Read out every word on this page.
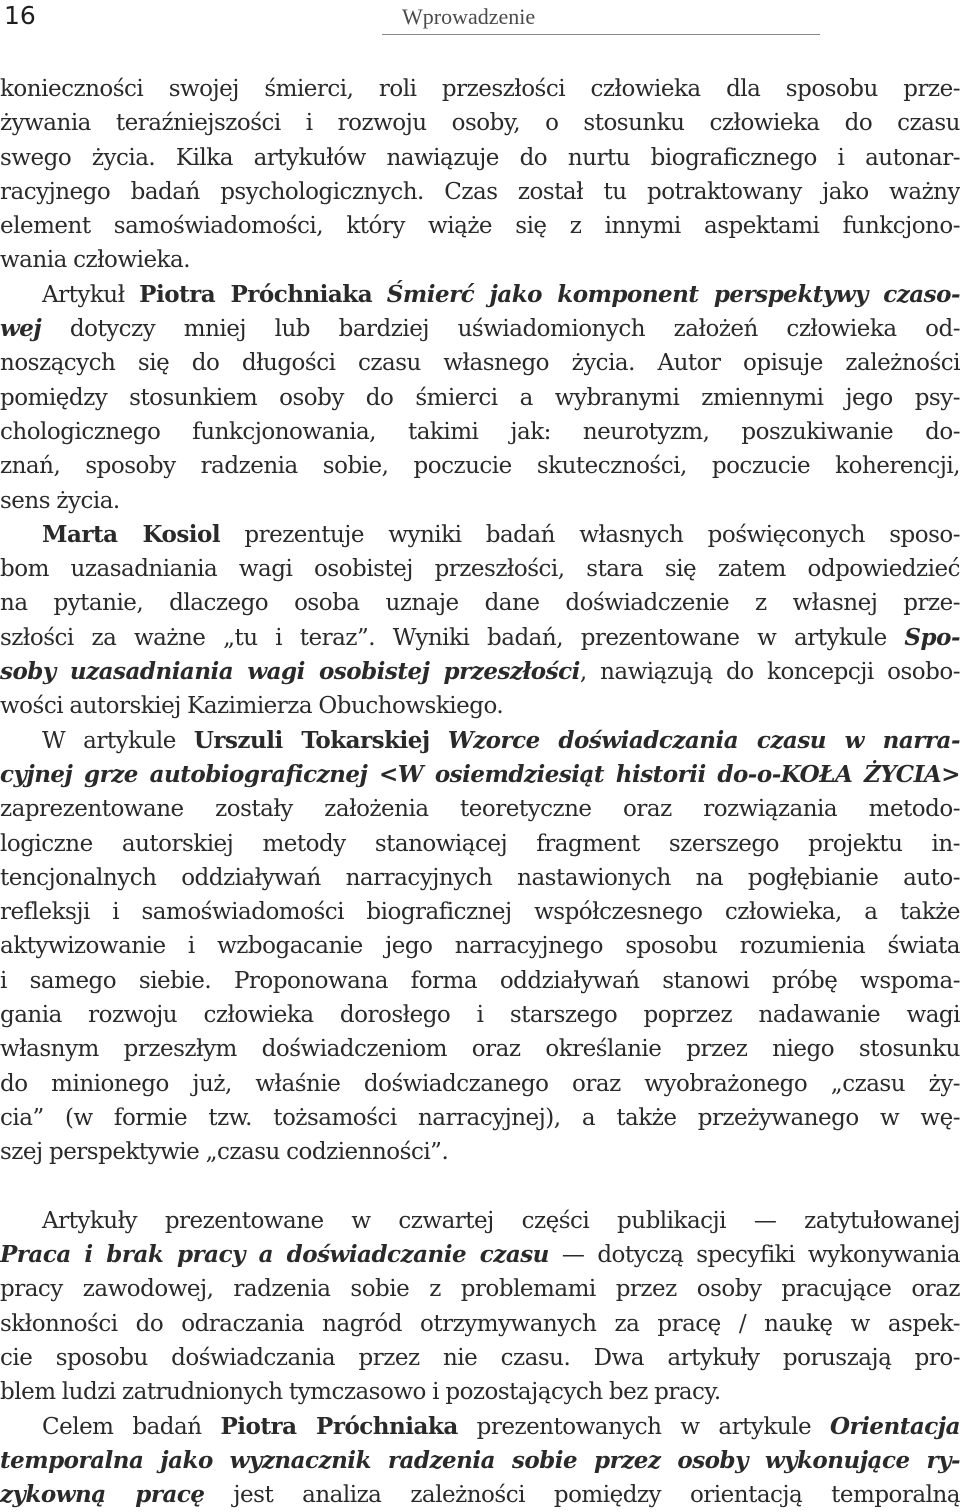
16	Wprowadzenie
konieczności swojej śmierci, roli przeszłości człowieka dla sposobu prze-
żywania teraźniejszości i rozwoju osoby, o stosunku człowieka do czasu
swego życia. Kilka artykułów nawiązuje do nurtu biograficznego i autonar-
racyjnego badań psychologicznych. Czas został tu potraktowany jako ważny
element samoświadomości, który wiąże się z innymi aspektami funkcjono-
wania człowieka.
Artykuł Piotra Próchniaka Śmierć jako komponent perspektywy czaso-
wej dotyczy mniej lub bardziej uświadomionych założeń człowieka od-
noszących się do długości czasu własnego życia. Autor opisuje zależności
pomiędzy stosunkiem osoby do śmierci a wybranymi zmiennymi jego psy-
chologicznego funkcjonowania, takimi jak: neurotyzm, poszukiwanie do-
znań, sposoby radzenia sobie, poczucie skuteczności, poczucie koherencji,
sens życia.
Marta Kosiol prezentuje wyniki badań własnych poświęconych sposo-
bom uzasadniania wagi osobistej przeszłości, stara się zatem odpowiedzieć
na pytanie, dlaczego osoba uznaje dane doświadczenie z własnej prze-
szłości za ważne „tu i teraz”. Wyniki badań, prezentowane w artykule Spo-
soby uzasadniania wagi osobistej przeszłości, nawiązują do koncepcji osobo-
wości autorskiej Kazimierza Obuchowskiego.
W artykule Urszuli Tokarskiej Wzorce doświadczania czasu w narra-
cyjnej grze autobiograficznej <W osiemdziesiąt historii do-o-KOŁA ŻYCIA>
zaprezentowane zostały założenia teoretyczne oraz rozwiązania metodo-
logiczne autorskiej metody stanowiącej fragment szerszego projektu in-
tencjonalnych oddziaływań narracyjnych nastawionych na pogłębianie auto-
refleksji i samoświadomości biograficznej współczesnego człowieka, a także
aktywizowanie i wzbogacanie jego narracyjnego sposobu rozumienia świata
i samego siebie. Proponowana forma oddziaływań stanowi próbę wspoma-
gania rozwoju człowieka dorosłego i starszego poprzez nadawanie wagi
własnym przeszłym doświadczeniom oraz określanie przez niego stosunku
do minionego już, właśnie doświadczanego oraz wyobrażonego „czasu ży-
cia” (w formie tzw. tożsamości narracyjnej), a także przeżywanego w wę-
szej perspektywie „czasu codzienności”.
Artykuły prezentowane w czwartej części publikacji — zatytułowanej
Praca i brak pracy a doświadczanie czasu — dotyczą specyfiki wykonywania
pracy zawodowej, radzenia sobie z problemami przez osoby pracujące oraz
skłonności do odraczania nagród otrzymywanych za pracę / naukę w aspek-
cie sposobu doświadczania przez nie czasu. Dwa artykuły poruszają pro-
blem ludzi zatrudnionych tymczasowo i pozostających bez pracy.
Celem badań Piotra Próchniaka prezentowanych w artykule Orientacja
temporalna jako wyznacznik radzenia sobie przez osoby wykonujące ry-
zykowną pracę jest analiza zależności pomiędzy orientacją temporalną
